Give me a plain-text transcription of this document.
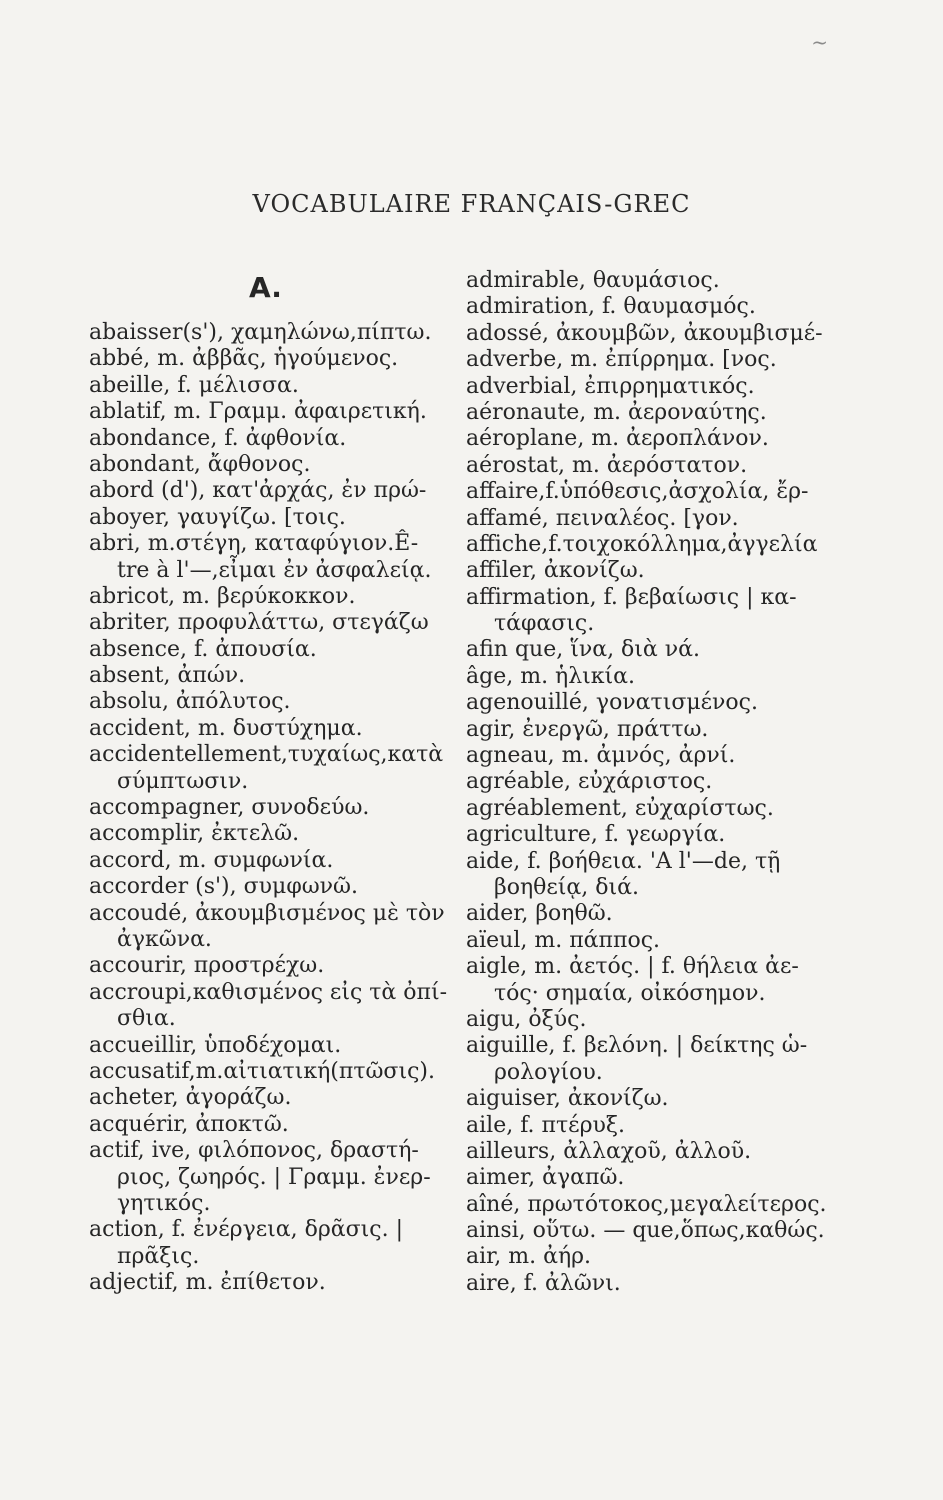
~
VOCABULAIRE FRANÇAIS-GREC
A.
abaisser(s'), χαμηλώνω,πίπτω.
abbé, m. ἀββᾶς, ἡγούμενος.
abeille, f. μέλισσα.
ablatif, m. Γραμμ. ἀφαιρετική.
abondance, f. ἀφθονία.
abondant, ἄφθονος.
abord (d'), κατ'ἀρχάς, ἐν πρώ-
aboyer, γαυγίζω. [τοις.
abri, m.στέγη, καταφύγιον.Ê-
tre à l'—,εἶμαι ἐν ἀσφαλείᾳ.
abricot, m. βερύκοκκον.
abriter, προφυλάττω, στεγάζω
absence, f. ἀπουσία.
absent, ἀπών.
absolu, ἀπόλυτος.
accident, m. δυστύχημα.
accidentellement,τυχαίως,κατὰ
σύμπτωσιν.
accompagner, συνοδεύω.
accomplir, ἐκτελῶ.
accord, m. συμφωνία.
accorder (s'), συμφωνῶ.
accoudé, ἀκουμβισμένος μὲ τὸν
ἀγκῶνα.
accourir, προστρέχω.
accroupi,καθισμένος εἰς τὰ ὀπί-
σθια.
accueillir, ὑποδέχομαι.
accusatif,m.αἰτιατική(πτῶσις).
acheter, ἀγοράζω.
acquérir, ἀποκτῶ.
actif, ive, φιλόπονος, δραστή-
ριος, ζωηρός. | Γραμμ. ἐνερ-
γητικός.
action, f. ἐνέργεια, δρᾶσις. |
πρᾶξις.
adjectif, m. ἐπίθετον.
admirable, θαυμάσιος.
admiration, f. θαυμασμός.
adossé, ἀκουμβῶν, ἀκουμβισμέ-
adverbe, m. ἐπίρρημα. [νος.
adverbial, ἐπιρρηματικός.
aéronaute, m. ἀεροναύτης.
aéroplane, m. ἀεροπλάνον.
aérostat, m. ἀερόστατον.
affaire,f.ὑπόθεσις,ἀσχολία, ἔρ-
affamé, πειναλέος. [γον.
affiche,f.τοιχοκόλλημα,ἀγγελία
affiler, ἀκονίζω.
affirmation, f. βεβαίωσις | κα-
τάφασις.
afin que, ἵνα, διὰ νά.
âge, m. ἡλικία.
agenouillé, γονατισμένος.
agir, ἐνεργῶ, πράττω.
agneau, m. ἀμνός, ἀρνί.
agréable, εὐχάριστος.
agréablement, εὐχαρίστως.
agriculture, f. γεωργία.
aide, f. βοήθεια. 'A l'—de, τῇ
βοηθείᾳ, διά.
aider, βοηθῶ.
aïeul, m. πάππος.
aigle, m. ἀετός. | f. θήλεια ἀε-
τός· σημαία, οἰκόσημον.
aigu, ὀξύς.
aiguille, f. βελόνη. | δείκτης ὡ-
ρολογίου.
aiguiser, ἀκονίζω.
aile, f. πτέρυξ.
ailleurs, ἀλλαχοῦ, ἀλλοῦ.
aimer, ἀγαπῶ.
aîné, πρωτότοκος,μεγαλείτερος.
ainsi, οὕτω. — que,ὅπως,καθώς.
air, m. ἀήρ.
aire, f. ἀλῶνι.
